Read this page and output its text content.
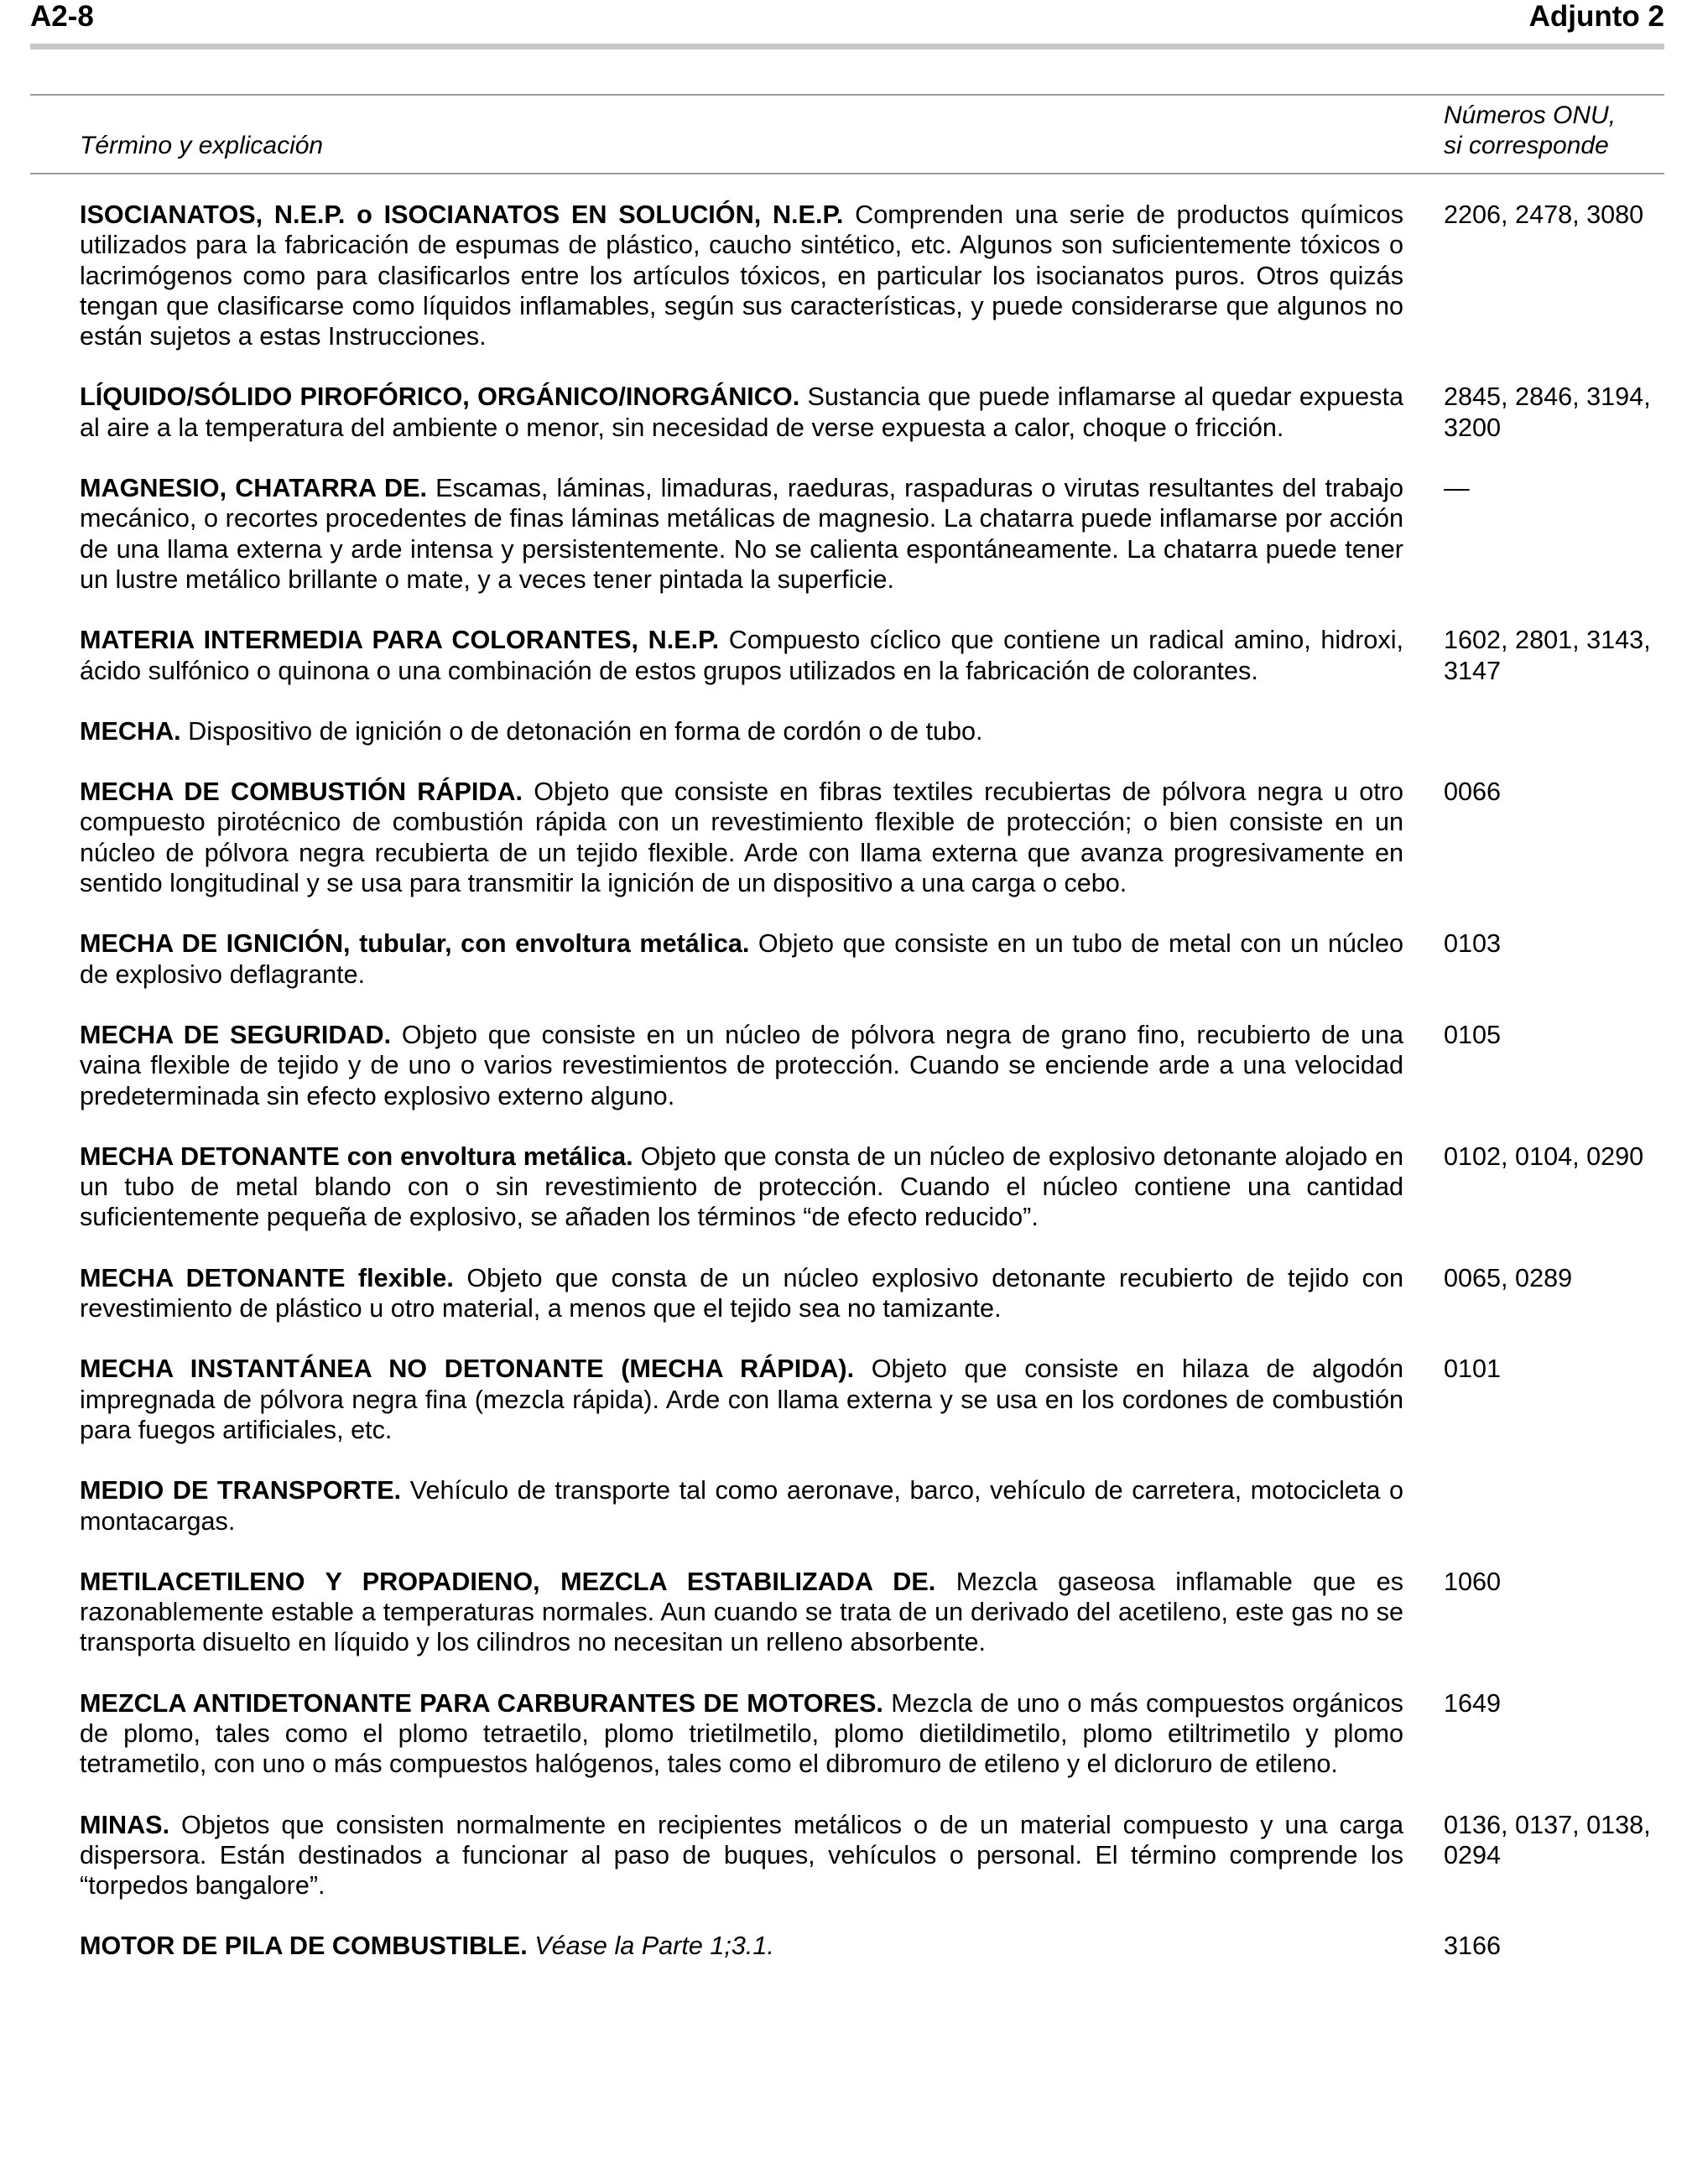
A2-8	Adjunto 2
Término y explicación
Números ONU,
si corresponde
ISOCIANATOS, N.E.P. o ISOCIANATOS EN SOLUCIÓN, N.E.P. Comprenden una serie de productos químicos utilizados para la fabricación de espumas de plástico, caucho sintético, etc. Algunos son suficientemente tóxicos o lacrimógenos como para clasificarlos entre los artículos tóxicos, en particular los isocianatos puros. Otros quizás tengan que clasificarse como líquidos inflamables, según sus características, y puede considerarse que algunos no están sujetos a estas Instrucciones.
2206, 2478, 3080
LÍQUIDO/SÓLIDO PIROFÓRICO, ORGÁNICO/INORGÁNICO. Sustancia que puede inflamarse al quedar expuesta al aire a la temperatura del ambiente o menor, sin necesidad de verse expuesta a calor, choque o fricción.
2845, 2846, 3194, 3200
MAGNESIO, CHATARRA DE. Escamas, láminas, limaduras, raeduras, raspaduras o virutas resultantes del trabajo mecánico, o recortes procedentes de finas láminas metálicas de magnesio. La chatarra puede inflamarse por acción de una llama externa y arde intensa y persistentemente. No se calienta espontáneamente. La chatarra puede tener un lustre metálico brillante o mate, y a veces tener pintada la superficie.
—
MATERIA INTERMEDIA PARA COLORANTES, N.E.P. Compuesto cíclico que contiene un radical amino, hidroxi, ácido sulfónico o quinona o una combinación de estos grupos utilizados en la fabricación de colorantes.
1602, 2801, 3143, 3147
MECHA. Dispositivo de ignición o de detonación en forma de cordón o de tubo.
MECHA DE COMBUSTIÓN RÁPIDA. Objeto que consiste en fibras textiles recubiertas de pólvora negra u otro compuesto pirotécnico de combustión rápida con un revestimiento flexible de protección; o bien consiste en un núcleo de pólvora negra recubierta de un tejido flexible. Arde con llama externa que avanza progresivamente en sentido longitudinal y se usa para transmitir la ignición de un dispositivo a una carga o cebo.
0066
MECHA DE IGNICIÓN, tubular, con envoltura metálica. Objeto que consiste en un tubo de metal con un núcleo de explosivo deflagrante.
0103
MECHA DE SEGURIDAD. Objeto que consiste en un núcleo de pólvora negra de grano fino, recubierto de una vaina flexible de tejido y de uno o varios revestimientos de protección. Cuando se enciende arde a una velocidad predeterminada sin efecto explosivo externo alguno.
0105
MECHA DETONANTE con envoltura metálica. Objeto que consta de un núcleo de explosivo detonante alojado en un tubo de metal blando con o sin revestimiento de protección. Cuando el núcleo contiene una cantidad suficientemente pequeña de explosivo, se añaden los términos “de efecto reducido”.
0102, 0104, 0290
MECHA DETONANTE flexible. Objeto que consta de un núcleo explosivo detonante recubierto de tejido con revestimiento de plástico u otro material, a menos que el tejido sea no tamizante.
0065, 0289
MECHA INSTANTÁNEA NO DETONANTE (MECHA RÁPIDA). Objeto que consiste en hilaza de algodón impregnada de pólvora negra fina (mezcla rápida). Arde con llama externa y se usa en los cordones de combustión para fuegos artificiales, etc.
0101
MEDIO DE TRANSPORTE. Vehículo de transporte tal como aeronave, barco, vehículo de carretera, motocicleta o montacargas.
METILACETILENO Y PROPADIENO, MEZCLA ESTABILIZADA DE. Mezcla gaseosa inflamable que es razonablemente estable a temperaturas normales. Aun cuando se trata de un derivado del acetileno, este gas no se transporta disuelto en líquido y los cilindros no necesitan un relleno absorbente.
1060
MEZCLA ANTIDETONANTE PARA CARBURANTES DE MOTORES. Mezcla de uno o más compuestos orgánicos de plomo, tales como el plomo tetraetilo, plomo trietilmetilo, plomo dietildimetilo, plomo etiltrimetilo y plomo tetrametilo, con uno o más compuestos halógenos, tales como el dibromuro de etileno y el dicloruro de etileno.
1649
MINAS. Objetos que consisten normalmente en recipientes metálicos o de un material compuesto y una carga dispersora. Están destinados a funcionar al paso de buques, vehículos o personal. El término comprende los “torpedos bangalore”.
0136, 0137, 0138, 0294
MOTOR DE PILA DE COMBUSTIBLE. Véase la Parte 1;3.1.	3166
